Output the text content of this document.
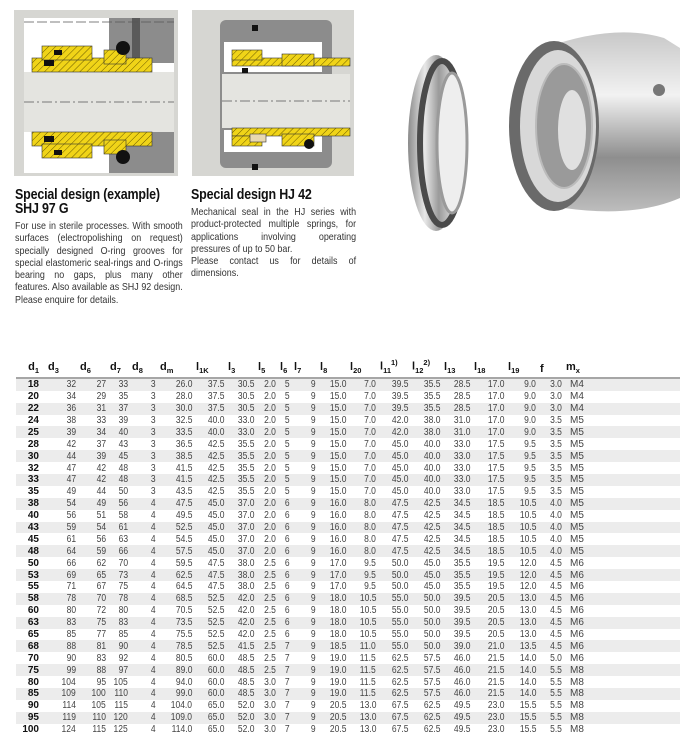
Special design (example)
SHJ 97 G

For use in sterile processes. With smooth surfaces (electropolishing on request) specially designed O-ring grooves for special elastomeric seal-rings and O-rings bearing no gaps, plus many other features. Also available as SHJ 92 design. Please enquire for details.

Special design HJ 42

Mechanical seal in the HJ series with product-protected multiple springs, for applications involving operating pressures of up to 50 bar.

Please contact us for details of dimensions.

$d_1$	$d_3$	$d_6$	$d_7$	$d_8$	$d_m$	$l_{1K}$	$l_3$	$l_5$	$l_6$	$l_7$	$l_8$	$l_{20}$	$l_{11}^{1)}$	$l_{12}^{2)}$	$l_{13}$	$l_{18}$	$l_{19}$	f	$m_x$	
18	32	27	33	3	26.0	37.5	30.5	2.0	5	9	15.0	7.0	39.5	35.5	28.5	17.0	9.0	3.0	M4	
20	34	29	35	3	28.0	37.5	30.5	2.0	5	9	15.0	7.0	39.5	35.5	28.5	17.0	9.0	3.0	M4	
22	36	31	37	3	30.0	37.5	30.5	2.0	5	9	15.0	7.0	39.5	35.5	28.5	17.0	9.0	3.0	M4	
24	38	33	39	3	32.5	40.0	33.0	2.0	5	9	15.0	7.0	42.0	38.0	31.0	17.0	9.0	3.5	M5	
25	39	34	40	3	33.5	40.0	33.0	2.0	5	9	15.0	7.0	42.0	38.0	31.0	17.0	9.0	3.5	M5	
28	42	37	43	3	36.5	42.5	35.5	2.0	5	9	15.0	7.0	45.0	40.0	33.0	17.5	9.5	3.5	M5	
30	44	39	45	3	38.5	42.5	35.5	2.0	5	9	15.0	7.0	45.0	40.0	33.0	17.5	9.5	3.5	M5	
32	47	42	48	3	41.5	42.5	35.5	2.0	5	9	15.0	7.0	45.0	40.0	33.0	17.5	9.5	3.5	M5	
33	47	42	48	3	41.5	42.5	35.5	2.0	5	9	15.0	7.0	45.0	40.0	33.0	17.5	9.5	3.5	M5	
35	49	44	50	3	43.5	42.5	35.5	2.0	5	9	15.0	7.0	45.0	40.0	33.0	17.5	9.5	3.5	M5	
38	54	49	56	4	47.5	45.0	37.0	2.0	6	9	16.0	8.0	47.5	42.5	34.5	18.5	10.5	4.0	M5	
40	56	51	58	4	49.5	45.0	37.0	2.0	6	9	16.0	8.0	47.5	42.5	34.5	18.5	10.5	4.0	M5	
43	59	54	61	4	52.5	45.0	37.0	2.0	6	9	16.0	8.0	47.5	42.5	34.5	18.5	10.5	4.0	M5	
45	61	56	63	4	54.5	45.0	37.0	2.0	6	9	16.0	8.0	47.5	42.5	34.5	18.5	10.5	4.0	M5	
48	64	59	66	4	57.5	45.0	37.0	2.0	6	9	16.0	8.0	47.5	42.5	34.5	18.5	10.5	4.0	M5	
50	66	62	70	4	59.5	47.5	38.0	2.5	6	9	17.0	9.5	50.0	45.0	35.5	19.5	12.0	4.5	M6	
53	69	65	73	4	62.5	47.5	38.0	2.5	6	9	17.0	9.5	50.0	45.0	35.5	19.5	12.0	4.5	M6	
55	71	67	75	4	64.5	47.5	38.0	2.5	6	9	17.0	9.5	50.0	45.0	35.5	19.5	12.0	4.5	M6	
58	78	70	78	4	68.5	52.5	42.0	2.5	6	9	18.0	10.5	55.0	50.0	39.5	20.5	13.0	4.5	M6	
60	80	72	80	4	70.5	52.5	42.0	2.5	6	9	18.0	10.5	55.0	50.0	39.5	20.5	13.0	4.5	M6	
63	83	75	83	4	73.5	52.5	42.0	2.5	6	9	18.0	10.5	55.0	50.0	39.5	20.5	13.0	4.5	M6	
65	85	77	85	4	75.5	52.5	42.0	2.5	6	9	18.0	10.5	55.0	50.0	39.5	20.5	13.0	4.5	M6	
68	88	81	90	4	78.5	52.5	41.5	2.5	7	9	18.5	11.0	55.0	50.0	39.0	21.0	13.5	4.5	M6	
70	90	83	92	4	80.5	60.0	48.5	2.5	7	9	19.0	11.5	62.5	57.5	46.0	21.5	14.0	5.0	M6	
75	99	88	97	4	89.0	60.0	48.5	2.5	7	9	19.0	11.5	62.5	57.5	46.0	21.5	14.0	5.5	M8	
80	104	95	105	4	94.0	60.0	48.5	3.0	7	9	19.0	11.5	62.5	57.5	46.0	21.5	14.0	5.5	M8	
85	109	100	110	4	99.0	60.0	48.5	3.0	7	9	19.0	11.5	62.5	57.5	46.0	21.5	14.0	5.5	M8	
90	114	105	115	4	104.0	65.0	52.0	3.0	7	9	20.5	13.0	67.5	62.5	49.5	23.0	15.5	5.5	M8	
95	119	110	120	4	109.0	65.0	52.0	3.0	7	9	20.5	13.0	67.5	62.5	49.5	23.0	15.5	5.5	M8	
100	124	115	125	4	114.0	65.0	52.0	3.0	7	9	20.5	13.0	67.5	62.5	49.5	23.0	15.5	5.5	M8	
